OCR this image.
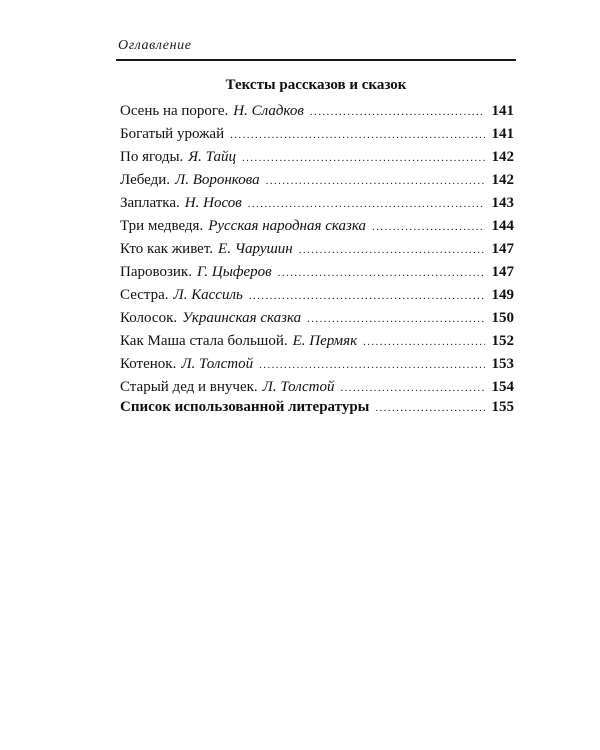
Оглавление
Тексты рассказов и сказок
Осень на пороге. Н. Сладков .....	141
Богатый урожай .....	141
По ягоды. Я. Тайц .....	142
Лебеди. Л. Воронкова .....	142
Заплатка. Н. Носов .....	143
Три медведя. Русская народная сказка .....	144
Кто как живет. Е. Чарушин .....	147
Паровозик. Г. Цыферов .....	147
Сестра. Л. Кассиль .....	149
Колосок. Украинская сказка .....	150
Как Маша стала большой. Е. Пермяк .....	152
Котенок. Л. Толстой .....	153
Старый дед и внучек. Л. Толстой .....	154
Список использованной литературы .....	155
